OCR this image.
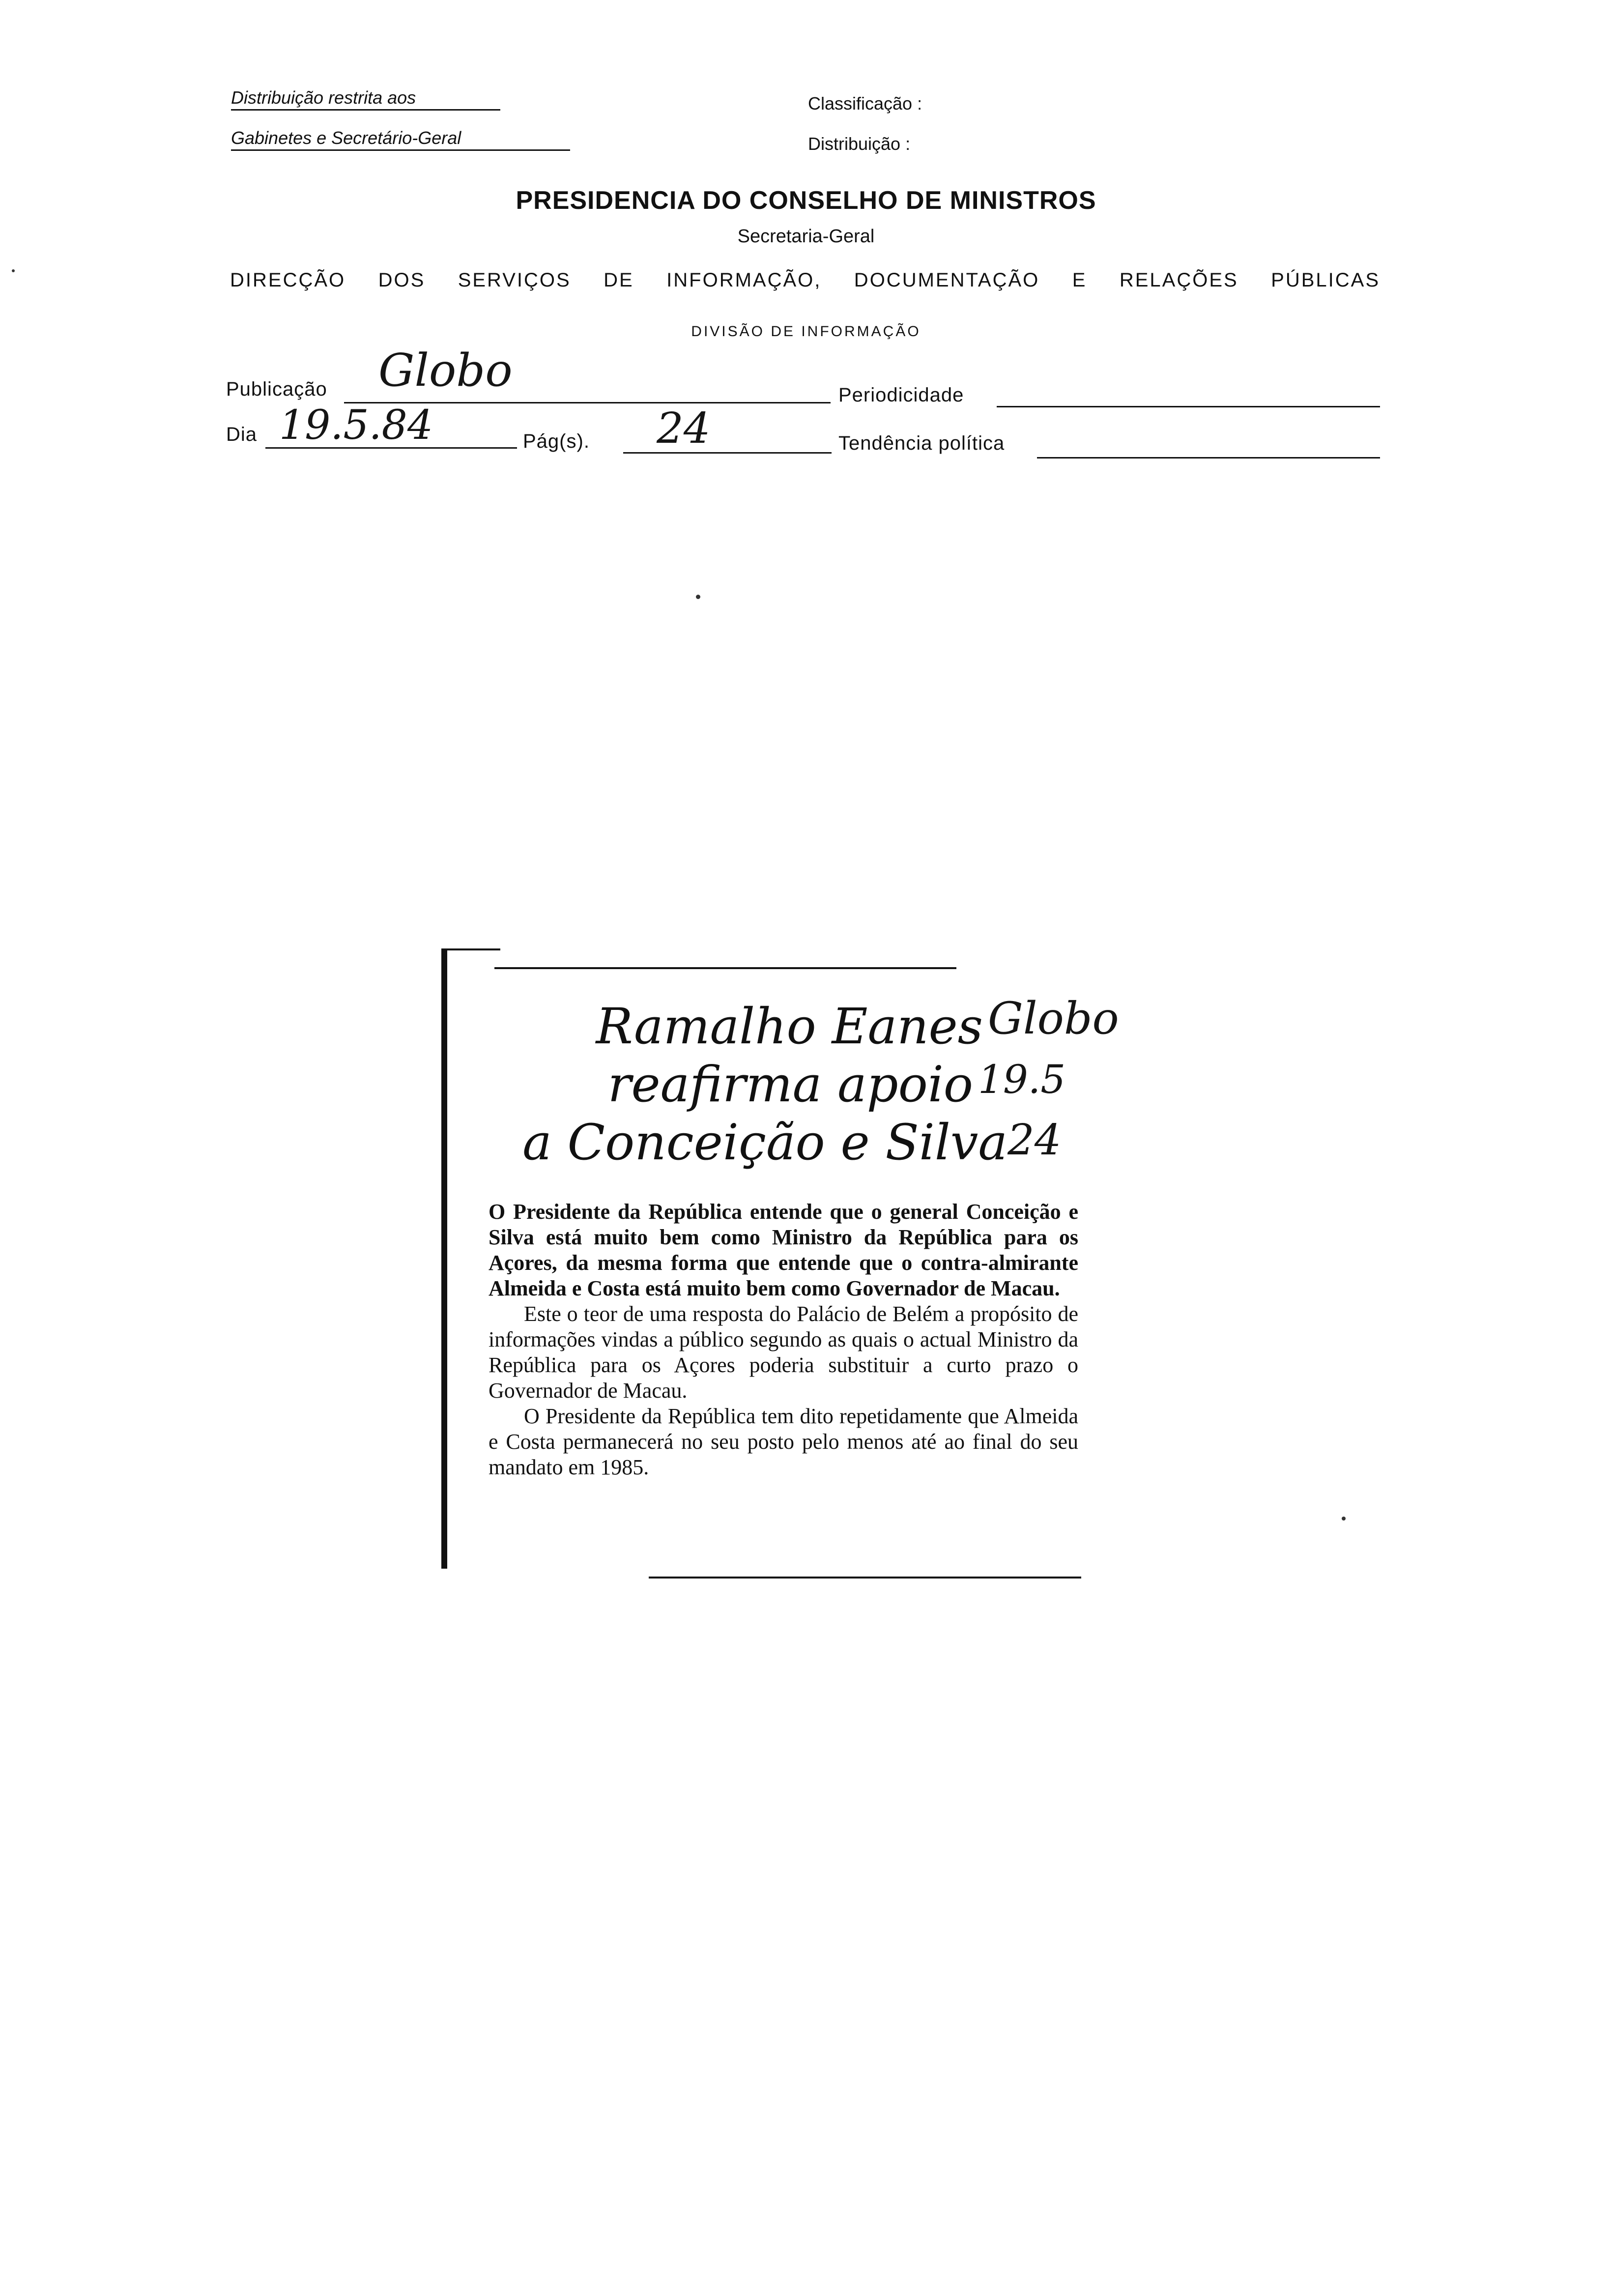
Distribuição restrita aos
Gabinetes e Secretário-Geral
Classificação :
Distribuição :
PRESIDENCIA DO CONSELHO DE MINISTROS
Secretaria-Geral
DIRECÇÃO DOS SERVIÇOS DE INFORMAÇÃO, DOCUMENTAÇÃO E RELAÇÕES PÚBLICAS
DIVISÃO DE INFORMAÇÃO
Publicação Globo	Periodicidade
Dia 19.5.84	Pág(s). 24	Tendência política
Ramalho Eanes
reafirma apoio
a Conceição e Silva
Globo
19.5
24

O Presidente da República entende que o general Conceição e Silva está muito bem como Ministro da República para os Açores, da mesma forma que entende que o contra-almirante Almeida e Costa está muito bem como Governador de Macau.

Este o teor de uma resposta do Palácio de Belém a propósito de informações vindas a público segundo as quais o actual Ministro da República para os Açores poderia substituir a curto prazo o Governador de Macau.

O Presidente da República tem dito repetidamente que Almeida e Costa permanecerá no seu posto pelo menos até ao final do seu mandato em 1985.
